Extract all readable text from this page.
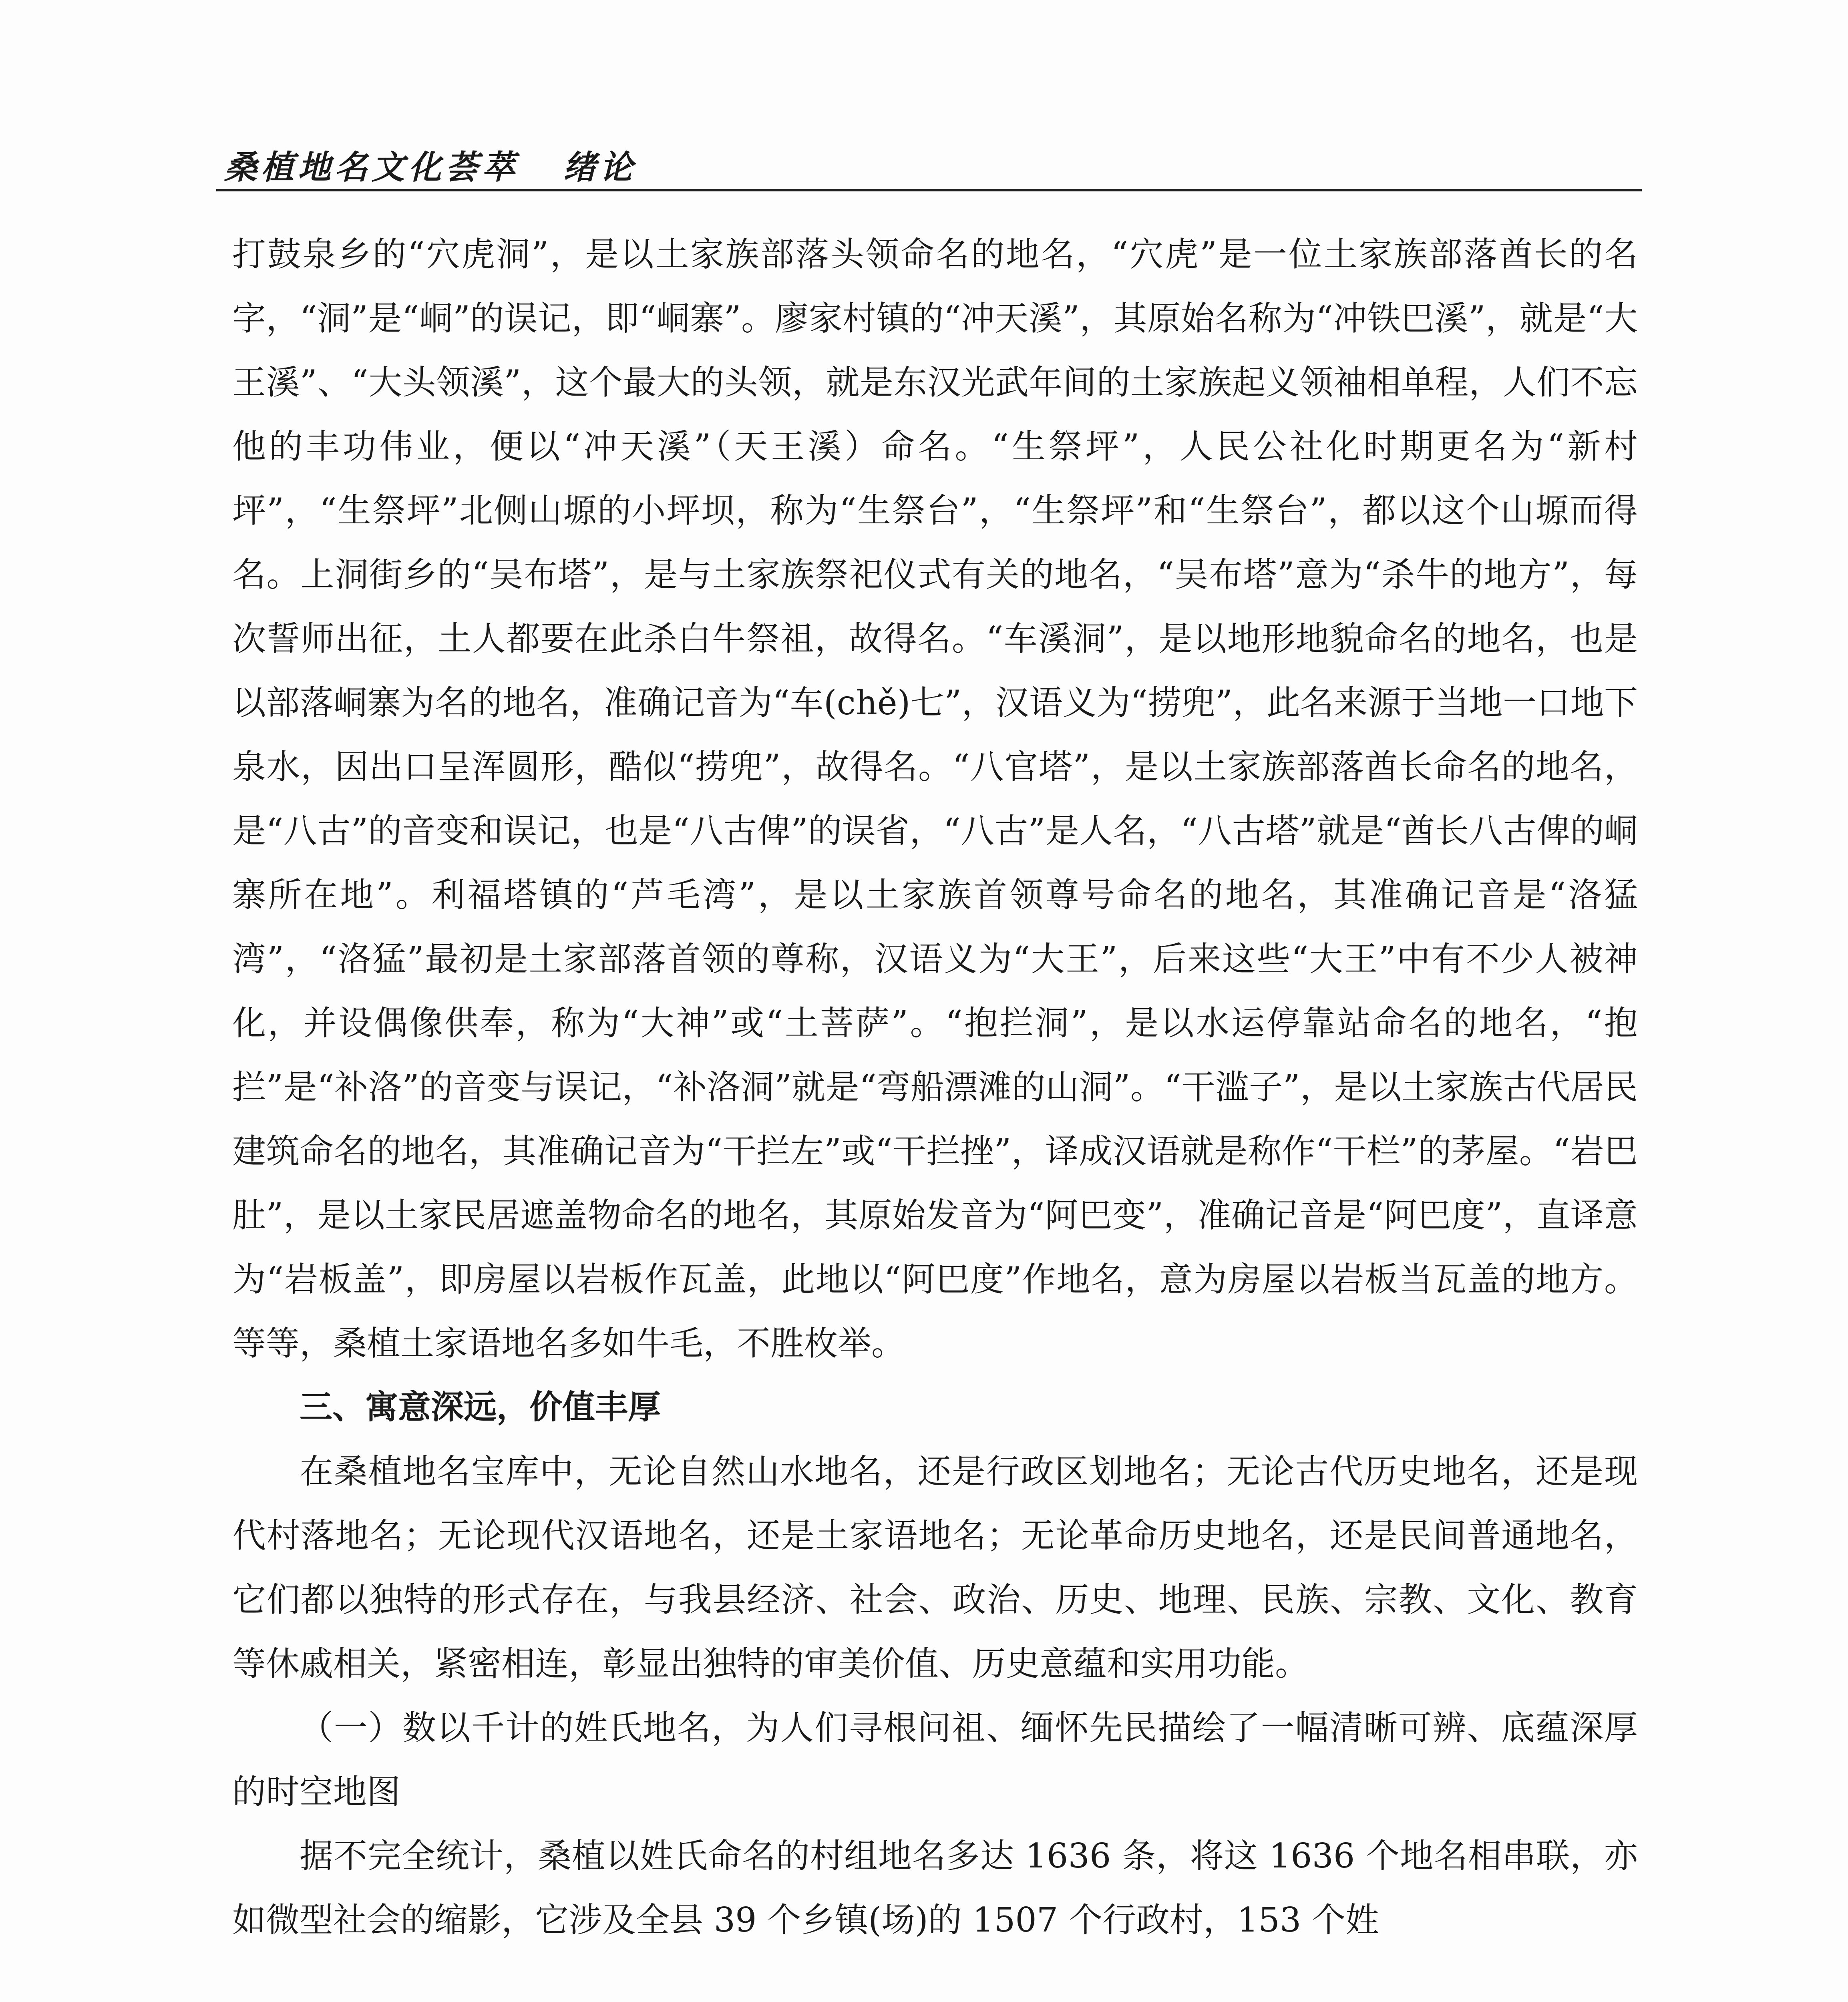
桑植地名文化荟萃 绪论

打鼓泉乡的“穴虎洞”，是以土家族部落头领命名的地名，“穴虎”是一位土家族部落酋长的名字，“洞”是“峒”的误记，即“峒寨”。廖家村镇的“冲天溪”，其原始名称为“冲铁巴溪”，就是“大王溪”、“大头领溪”，这个最大的头领，就是东汉光武年间的土家族起义领袖相单程，人们不忘他的丰功伟业，便以“冲天溪”（天王溪）命名。“生祭坪”，人民公社化时期更名为“新村坪”，“生祭坪”北侧山塬的小坪坝，称为“生祭台”，“生祭坪”和“生祭台”，都以这个山塬而得名。上洞街乡的“吴布塔”，是与土家族祭祀仪式有关的地名，“吴布塔”意为“杀牛的地方”，每次誓师出征，土人都要在此杀白牛祭祖，故得名。“车溪洞”，是以地形地貌命名的地名，也是以部落峒寨为名的地名，准确记音为“车(chě)七”，汉语义为“捞兜”，此名来源于当地一口地下泉水，因出口呈浑圆形，酷似“捞兜”，故得名。“八官塔”，是以土家族部落酋长命名的地名，是“八古”的音变和误记，也是“八古俾”的误省，“八古”是人名，“八古塔”就是“酋长八古俾的峒寨所在地”。利福塔镇的“芦毛湾”，是以土家族首领尊号命名的地名，其准确记音是“洛猛湾”，“洛猛”最初是土家部落首领的尊称，汉语义为“大王”，后来这些“大王”中有不少人被神化，并设偶像供奉，称为“大神”或“土菩萨”。“抱拦洞”，是以水运停靠站命名的地名，“抱拦”是“补洛”的音变与误记，“补洛洞”就是“弯船漂滩的山洞”。“干滥子”，是以土家族古代居民建筑命名的地名，其准确记音为“干拦左”或“干拦挫”，译成汉语就是称作“干栏”的茅屋。“岩巴肚”，是以土家民居遮盖物命名的地名，其原始发音为“阿巴变”，准确记音是“阿巴度”，直译意为“岩板盖”，即房屋以岩板作瓦盖，此地以“阿巴度”作地名，意为房屋以岩板当瓦盖的地方。等等，桑植土家语地名多如牛毛，不胜枚举。

三、寓意深远，价值丰厚

在桑植地名宝库中，无论自然山水地名，还是行政区划地名；无论古代历史地名，还是现代村落地名；无论现代汉语地名，还是土家语地名；无论革命历史地名，还是民间普通地名，它们都以独特的形式存在，与我县经济、社会、政治、历史、地理、民族、宗教、文化、教育等休戚相关，紧密相连，彰显出独特的审美价值、历史意蕴和实用功能。

（一）数以千计的姓氏地名，为人们寻根问祖、缅怀先民描绘了一幅清晰可辨、底蕴深厚的时空地图

据不完全统计，桑植以姓氏命名的村组地名多达 1636 条，将这 1636 个地名相串联，亦如微型社会的缩影，它涉及全县 39 个乡镇(场)的 1507 个行政村，153 个姓
